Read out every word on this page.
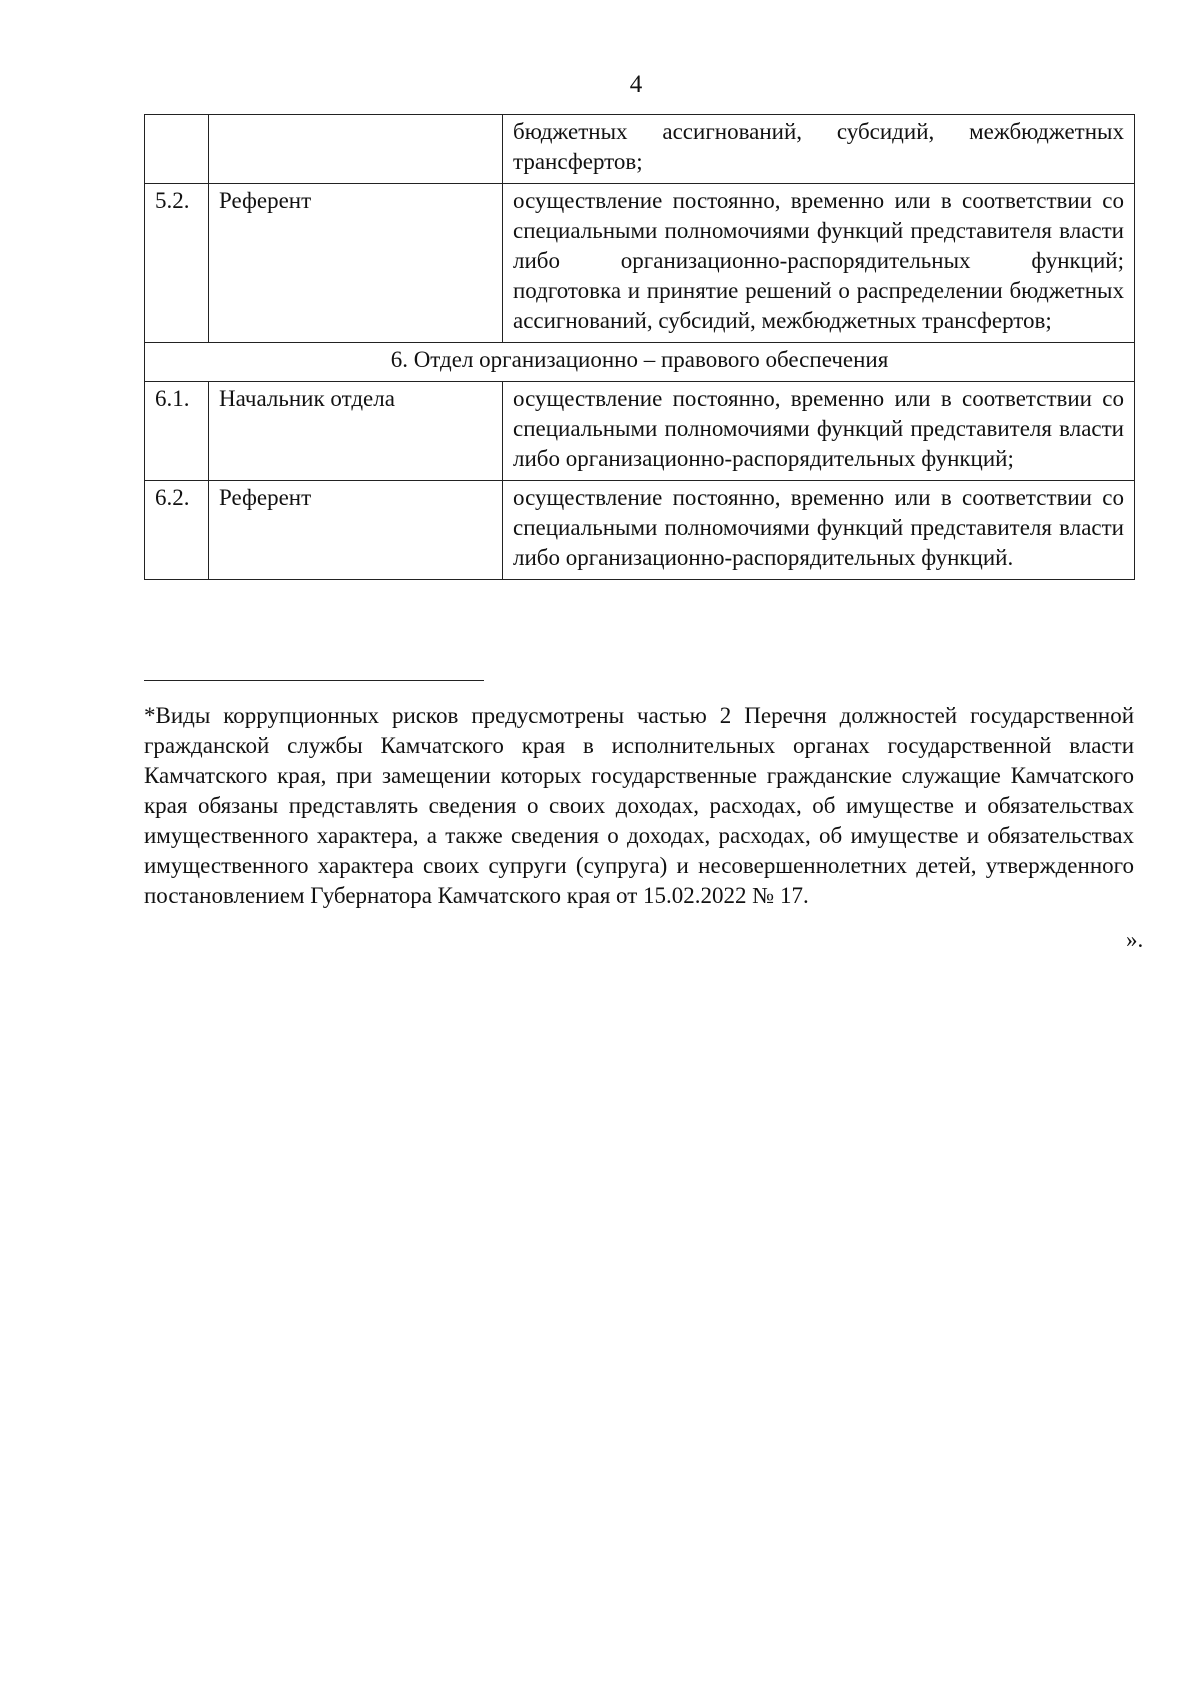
4
		бюджетных ассигнований, субсидий, межбюджетных трансфертов;
5.2.	Референт	осуществление постоянно, временно или в соответствии со специальными полномочиями функций представителя власти либо организационно-распорядительных функций; подготовка и принятие решений о распределении бюджетных ассигнований, субсидий, межбюджетных трансфертов;
6. Отдел организационно – правового обеспечения		
6.1.	Начальник отдела	осуществление постоянно, временно или в соответствии со специальными полномочиями функций представителя власти либо организационно-распорядительных функций;
6.2.	Референт	осуществление постоянно, временно или в соответствии со специальными полномочиями функций представителя власти либо организационно-распорядительных функций.

*Виды коррупционных рисков предусмотрены частью 2 Перечня должностей государственной гражданской службы Камчатского края в исполнительных органах государственной власти Камчатского края, при замещении которых государственные гражданские служащие Камчатского края обязаны представлять сведения о своих доходах, расходах, об имуществе и обязательствах имущественного характера, а также сведения о доходах, расходах, об имуществе и обязательствах имущественного характера своих супруги (супруга) и несовершеннолетних детей, утвержденного постановлением Губернатора Камчатского края от 15.02.2022 № 17.

».
